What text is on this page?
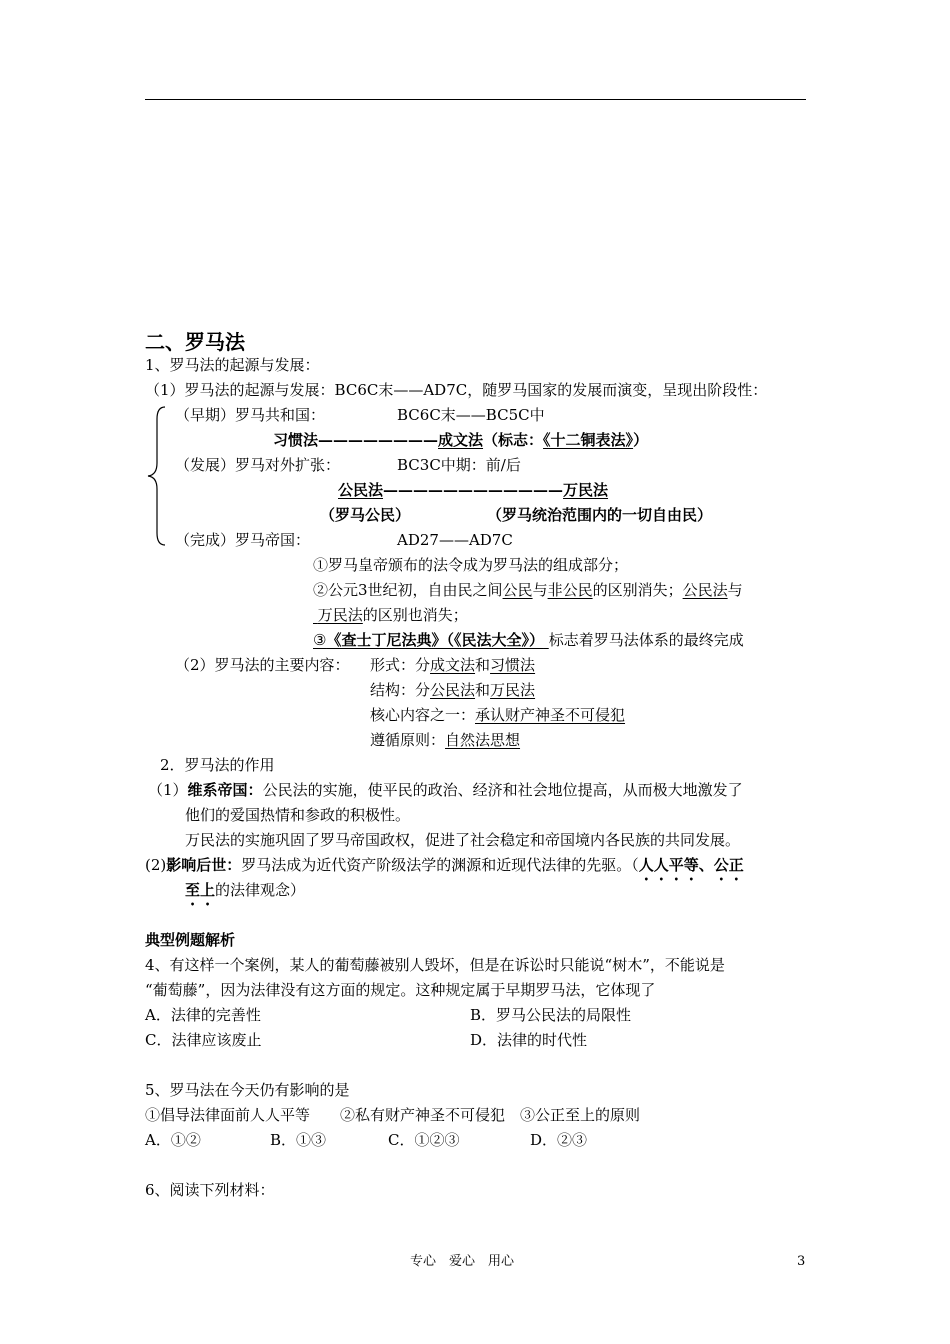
二、罗马法
1、罗马法的起源与发展：
（1）罗马法的起源与发展：BC6C末——AD7C，随罗马国家的发展而演变，呈现出阶段性：
（早期）罗马共和国：	BC6C末——BC5C中
习惯法————————成文法（标志：《十二铜表法》）
（发展）罗马对外扩张：	BC3C中期：前/后
公民法————————————万民法
（罗马公民）	（罗马统治范围内的一切自由民）
（完成）罗马帝国：	AD27——AD7C
①罗马皇帝颁布的法令成为罗马法的组成部分；
②公元3世纪初，自由民之间公民与非公民的区别消失；公民法与
万民法的区别也消失；
③《查士丁尼法典》（《民法大全》） 标志着罗马法体系的最终完成
（2）罗马法的主要内容： 形式：分成文法和习惯法
结构：分公民法和万民法
核心内容之一：承认财产神圣不可侵犯
遵循原则：自然法思想
2．罗马法的作用
（1）维系帝国：公民法的实施，使平民的政治、经济和社会地位提高，从而极大地激发了
他们的爱国热情和参政的积极性。
万民法的实施巩固了罗马帝国政权，促进了社会稳定和帝国境内各民族的共同发展。
(2)影响后世：罗马法成为近代资产阶级法学的渊源和近现代法律的先驱。（人人平等、公正
至上的法律观念）
典型例题解析
4、有这样一个案例，某人的葡萄藤被别人毁坏，但是在诉讼时只能说“树木”，不能说是
“葡萄藤”，因为法律没有这方面的规定。这种规定属于早期罗马法，它体现了
A．法律的完善性	B．罗马公民法的局限性
C．法律应该废止	D．法律的时代性
5、罗马法在今天仍有影响的是
①倡导法律面前人人平等　　②私有财产神圣不可侵犯　③公正至上的原则
A．①②	B．①③	C．①②③	D．②③
6、阅读下列材料：
专心　爱心　用心	3
